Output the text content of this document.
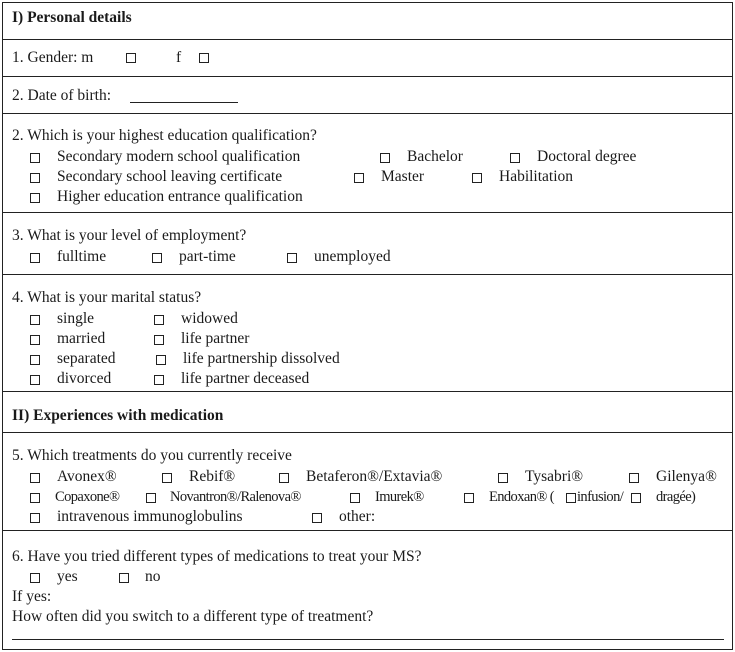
I) Personal details
1. Gender: m	f
2. Date of birth:
2. Which is your highest education qualification?
Secondary modern school qualification	Bachelor	Doctoral degree
Secondary school leaving certificate	Master	Habilitation
Higher education entrance qualification
3. What is your level of employment?
fulltime	part-time	unemployed
4. What is your marital status?
single	widowed
married	life partner
separated	life partnership dissolved
divorced	life partner deceased
II) Experiences with medication
5. Which treatments do you currently receive
Avonex®	Rebif®	Betaferon®/Extavia®	Tysabri®	Gilenya®
Copaxone®	Novantron®/Ralenova®	Imurek®	Endoxan® ( infusion/ dragée)
intravenous immunoglobulins	other:
6. Have you tried different types of medications to treat your MS?
yes	no
If yes:
How often did you switch to a different type of treatment?
